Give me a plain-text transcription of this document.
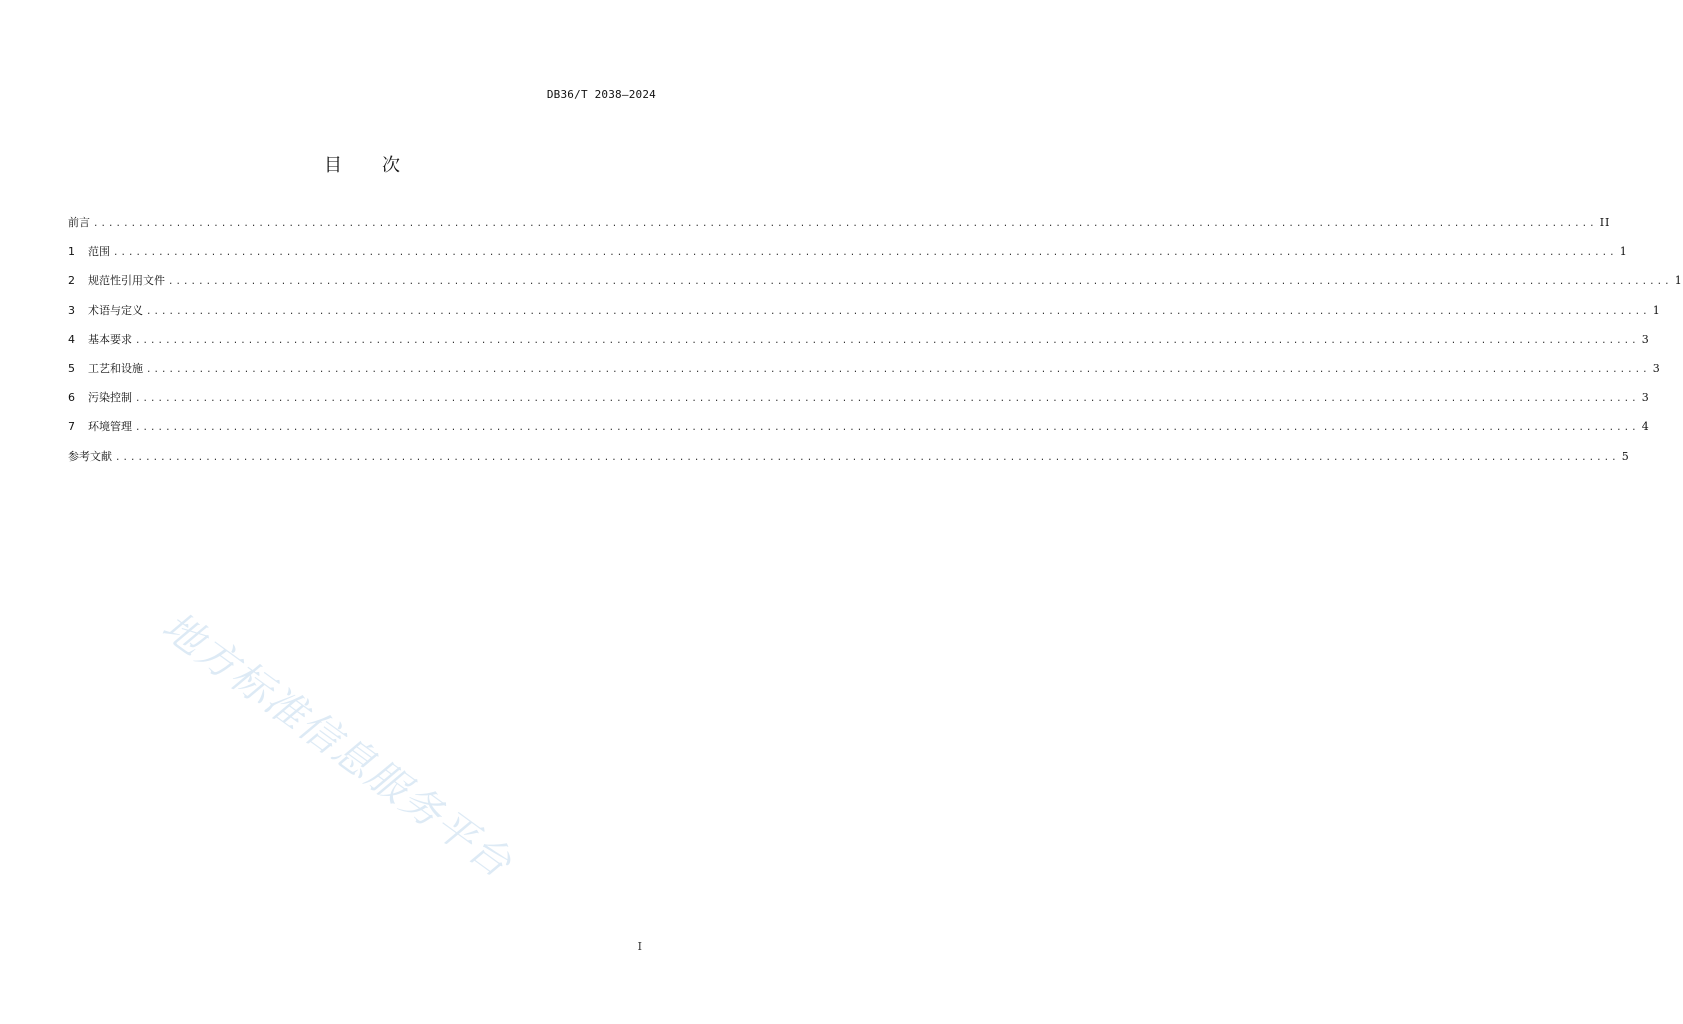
DB36/T 2038—2024
目 次
前言 ........................................................................................................................................................................................................ II
1	范围 ........................................................................................................................................................................................................ 1
2	规范性引用文件 ........................................................................................................................................................................................................ 1
3	术语与定义 ........................................................................................................................................................................................................ 1
4	基本要求 ........................................................................................................................................................................................................ 3
5	工艺和设施 ........................................................................................................................................................................................................ 3
6	污染控制 ........................................................................................................................................................................................................ 3
7	环境管理 ........................................................................................................................................................................................................ 4
参考文献 ........................................................................................................................................................................................................ 5
地方标准信息服务平台
I
